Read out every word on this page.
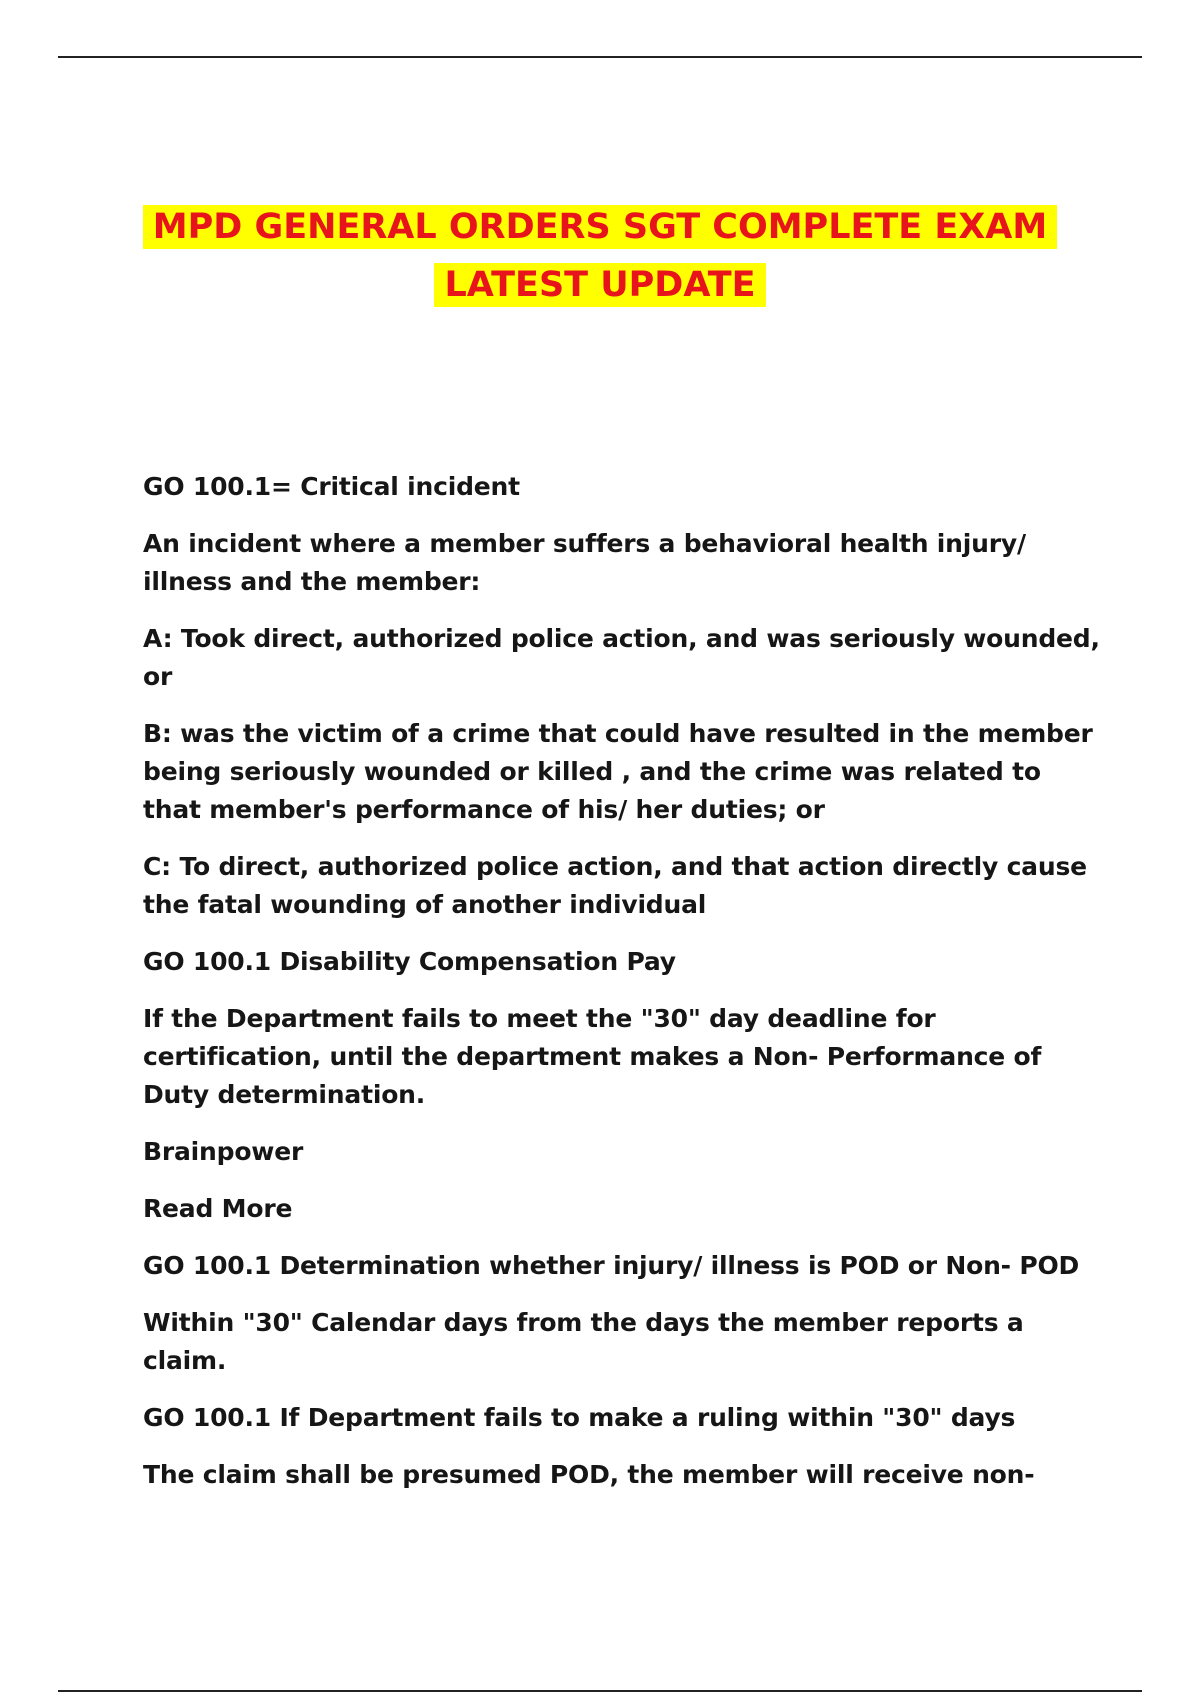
MPD GENERAL ORDERS SGT COMPLETE EXAM
LATEST UPDATE

GO 100.1= Critical incident

An incident where a member suffers a behavioral health injury/ illness and the member:

A: Took direct, authorized police action, and was seriously wounded, or

B: was the victim of a crime that could have resulted in the member being seriously wounded or killed , and the crime was related to that member's performance of his/ her duties; or

C: To direct, authorized police action, and that action directly cause the fatal wounding of another individual

GO 100.1 Disability Compensation Pay

If the Department fails to meet the "30" day deadline for certification, until the department makes a Non- Performance of Duty determination.

Brainpower

Read More

GO 100.1 Determination whether injury/ illness is POD or Non- POD

Within "30" Calendar days from the days the member reports a claim.

GO 100.1 If Department fails to make a ruling within "30" days

The claim shall be presumed POD, the member will receive non-
